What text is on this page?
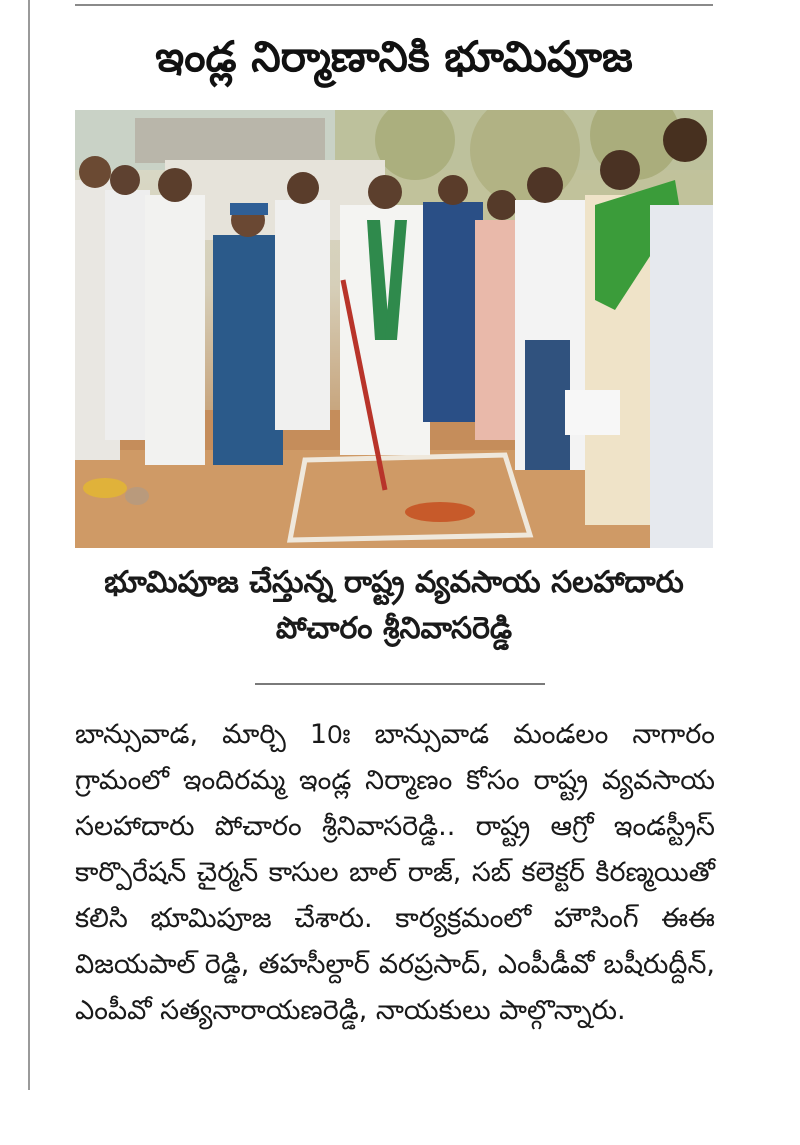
ఇండ్ల నిర్మాణానికి భూమిపూజ
భూమిపూజ చేస్తున్న రాష్ట్ర వ్యవసాయ సలహాదారు
పోచారం శ్రీనివాసరెడ్డి
బాన్సువాడ, మార్చి 10ః బాన్సువాడ మండలం నాగారం గ్రామంలో ఇందిరమ్మ ఇండ్ల నిర్మాణం కోసం రాష్ట్ర వ్యవసాయ సలహాదారు పోచారం శ్రీనివాసరెడ్డి.. రాష్ట్ర ఆగ్రో ఇండస్ట్రీస్ కార్పొరేషన్ చైర్మన్ కాసుల బాల్ రాజ్, సబ్ కలెక్టర్ కిరణ్మయితో కలిసి భూమిపూజ చేశారు. కార్యక్రమంలో హౌసింగ్ ఈఈ విజయపాల్ రెడ్డి, తహసీల్దార్ వరప్రసాద్, ఎంపీడీవో బషీరుద్దీన్, ఎంపీవో సత్యనారాయణరెడ్డి, నాయకులు పాల్గొన్నారు.
